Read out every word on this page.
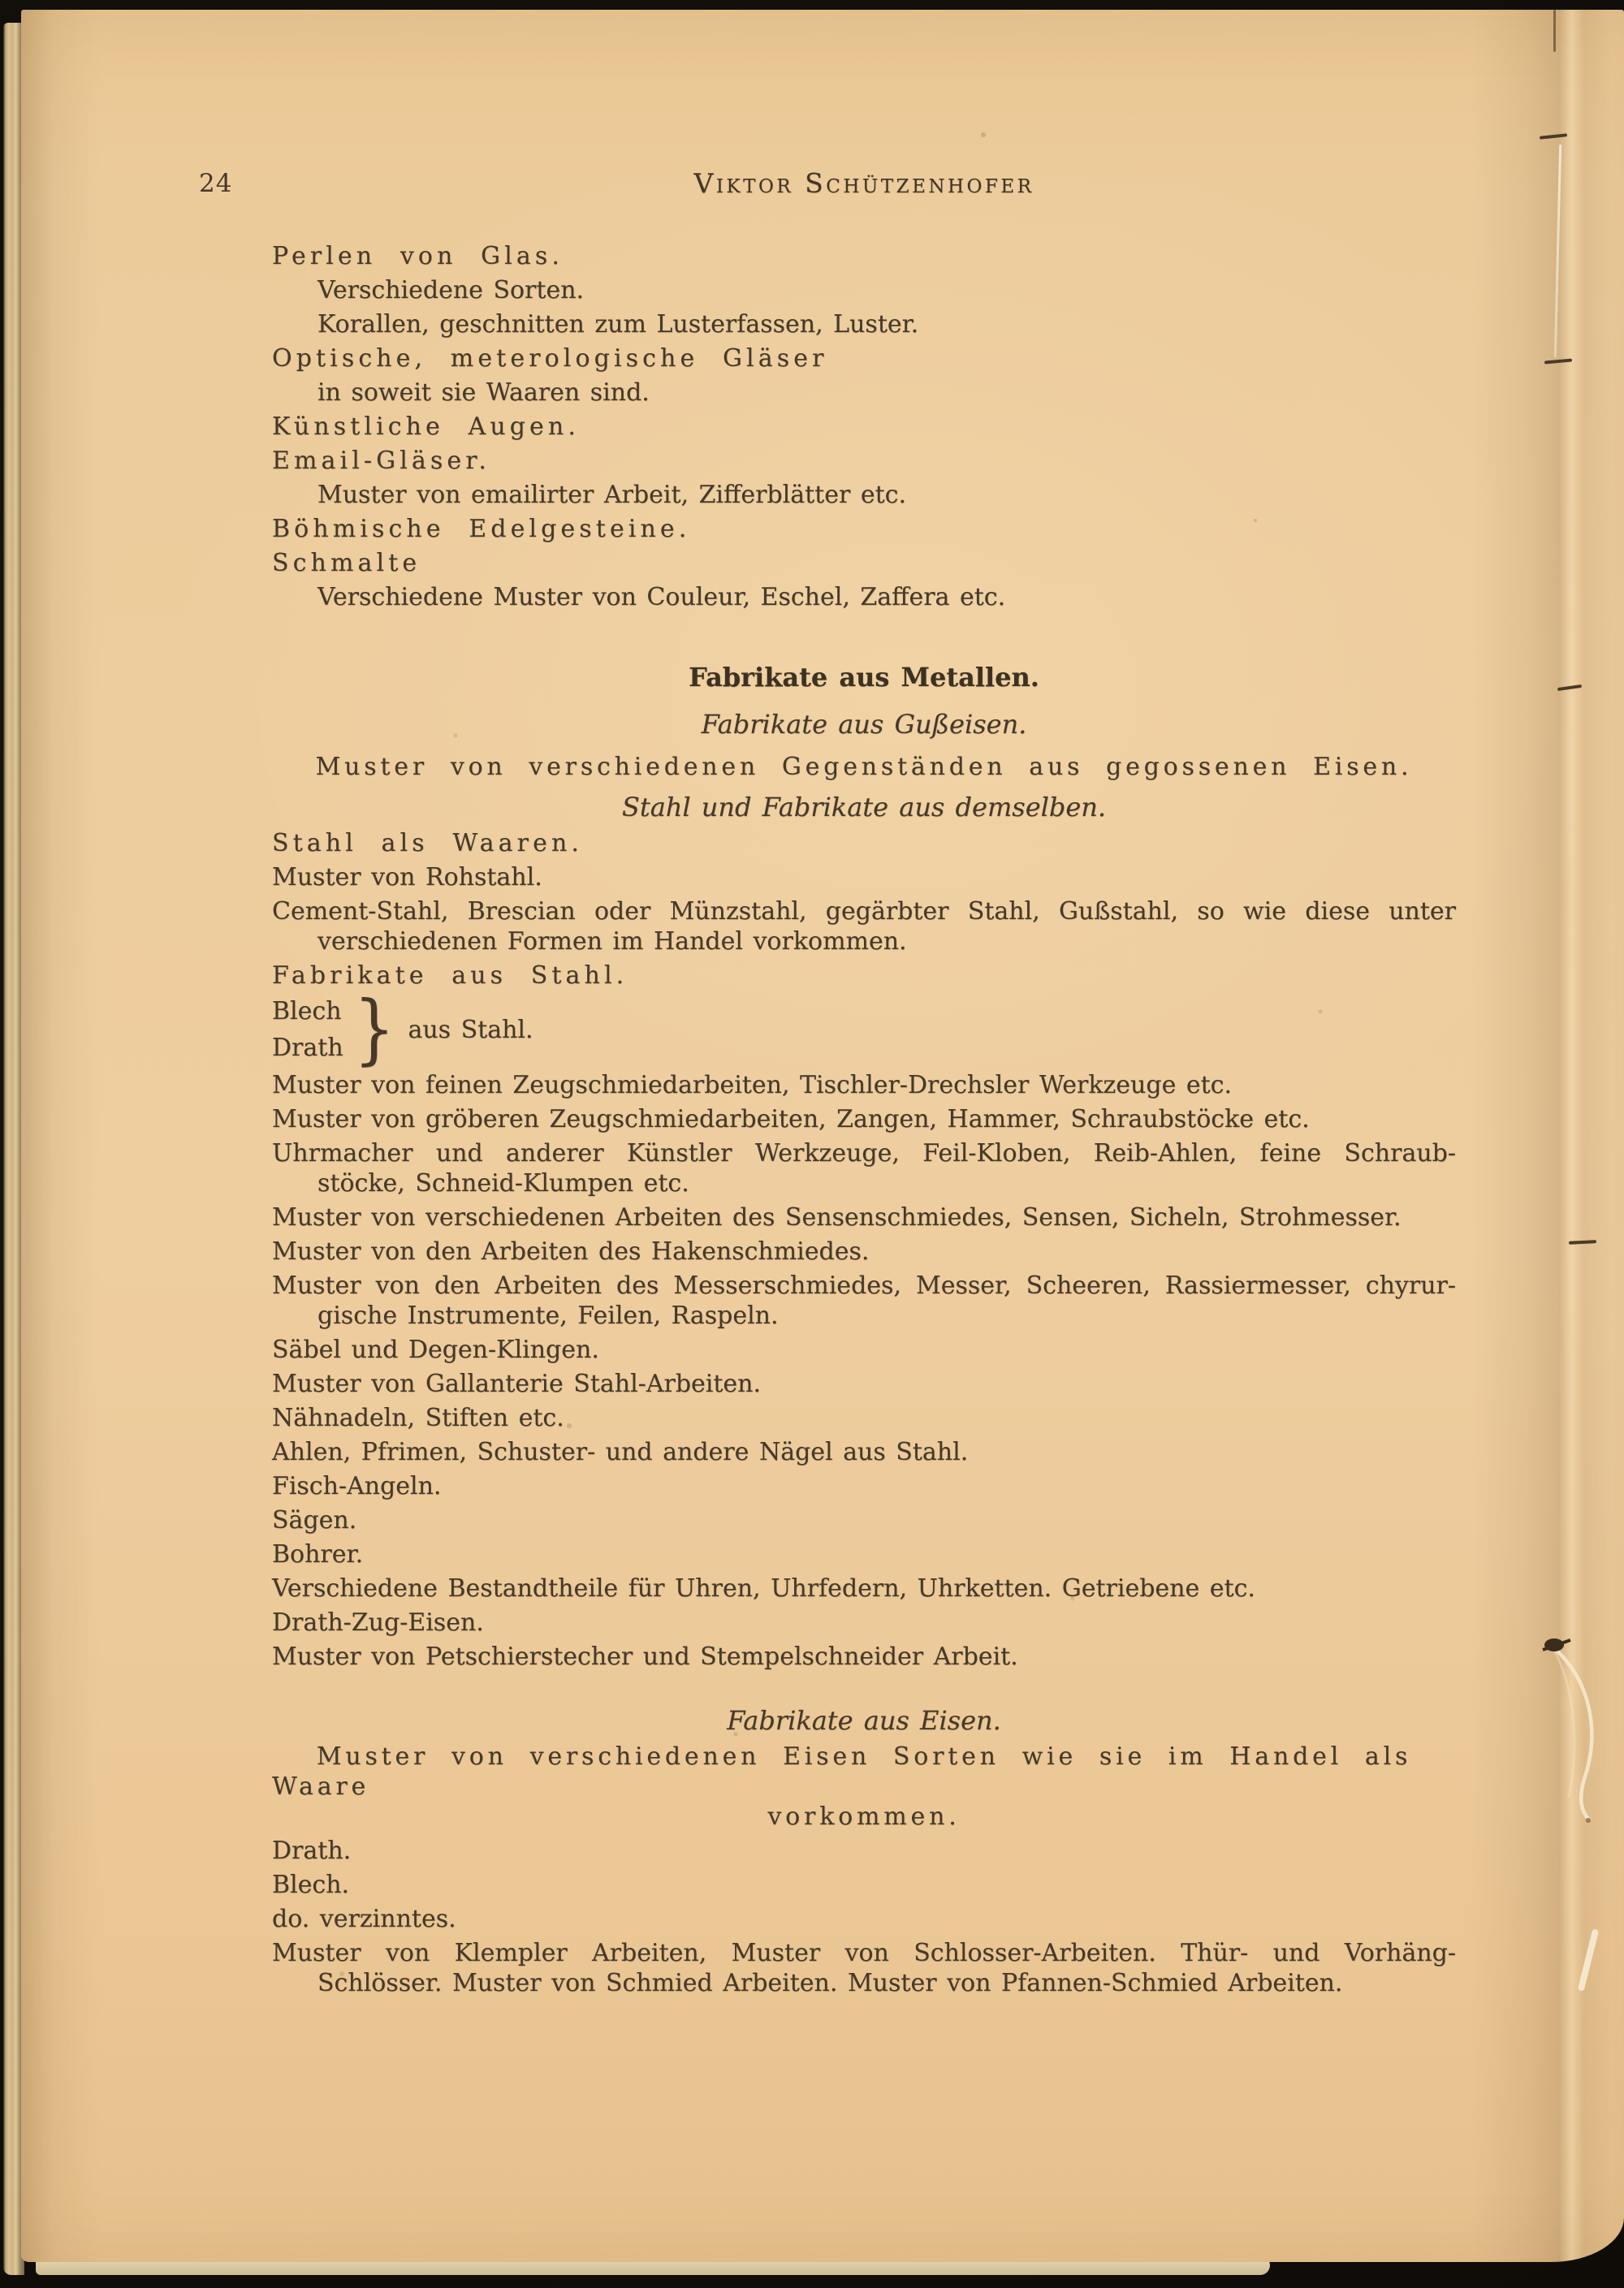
24	Viktor Schützenhofer
Perlen von Glas.
Verschiedene Sorten.
Korallen, geschnitten zum Lusterfassen, Luster.
Optische, meterologische Gläser
in soweit sie Waaren sind.
Künstliche Augen.
Email-Gläser.
Muster von emailirter Arbeit, Zifferblätter etc.
Böhmische Edelgesteine.
Schmalte
Verschiedene Muster von Couleur, Eschel, Zaffera etc.
Fabrikate aus Metallen.
Fabrikate aus Gußeisen.
Muster von verschiedenen Gegenständen aus gegossenen Eisen.
Stahl und Fabrikate aus demselben.
Stahl als Waaren.
Muster von Rohstahl.
Cement-Stahl, Brescian oder Münzstahl, gegärbter Stahl, Gußstahl, so wie diese unter
verschiedenen Formen im Handel vorkommen.
Fabrikate aus Stahl.
Blech
Drath } aus Stahl.
Muster von feinen Zeugschmiedarbeiten, Tischler-Drechsler Werkzeuge etc.
Muster von gröberen Zeugschmiedarbeiten, Zangen, Hammer, Schraubstöcke etc.
Uhrmacher und anderer Künstler Werkzeuge, Feil-Kloben, Reib-Ahlen, feine Schraub-
stöcke, Schneid-Klumpen etc.
Muster von verschiedenen Arbeiten des Sensenschmiedes, Sensen, Sicheln, Strohmesser.
Muster von den Arbeiten des Hakenschmiedes.
Muster von den Arbeiten des Messerschmiedes, Messer, Scheeren, Rassiermesser, chyrur-
gische Instrumente, Feilen, Raspeln.
Säbel und Degen-Klingen.
Muster von Gallanterie Stahl-Arbeiten.
Nähnadeln, Stiften etc.
Ahlen, Pfrimen, Schuster- und andere Nägel aus Stahl.
Fisch-Angeln.
Sägen.
Bohrer.
Verschiedene Bestandtheile für Uhren, Uhrfedern, Uhrketten. Getriebene etc.
Drath-Zug-Eisen.
Muster von Petschierstecher und Stempelschneider Arbeit.
Fabrikate aus Eisen.
Muster von verschiedenen Eisen Sorten wie sie im Handel als Waare
vorkommen.
Drath.
Blech.
do. verzinntes.
Muster von Klempler Arbeiten, Muster von Schlosser-Arbeiten. Thür- und Vorhäng-
Schlösser. Muster von Schmied Arbeiten. Muster von Pfannen-Schmied Arbeiten.
